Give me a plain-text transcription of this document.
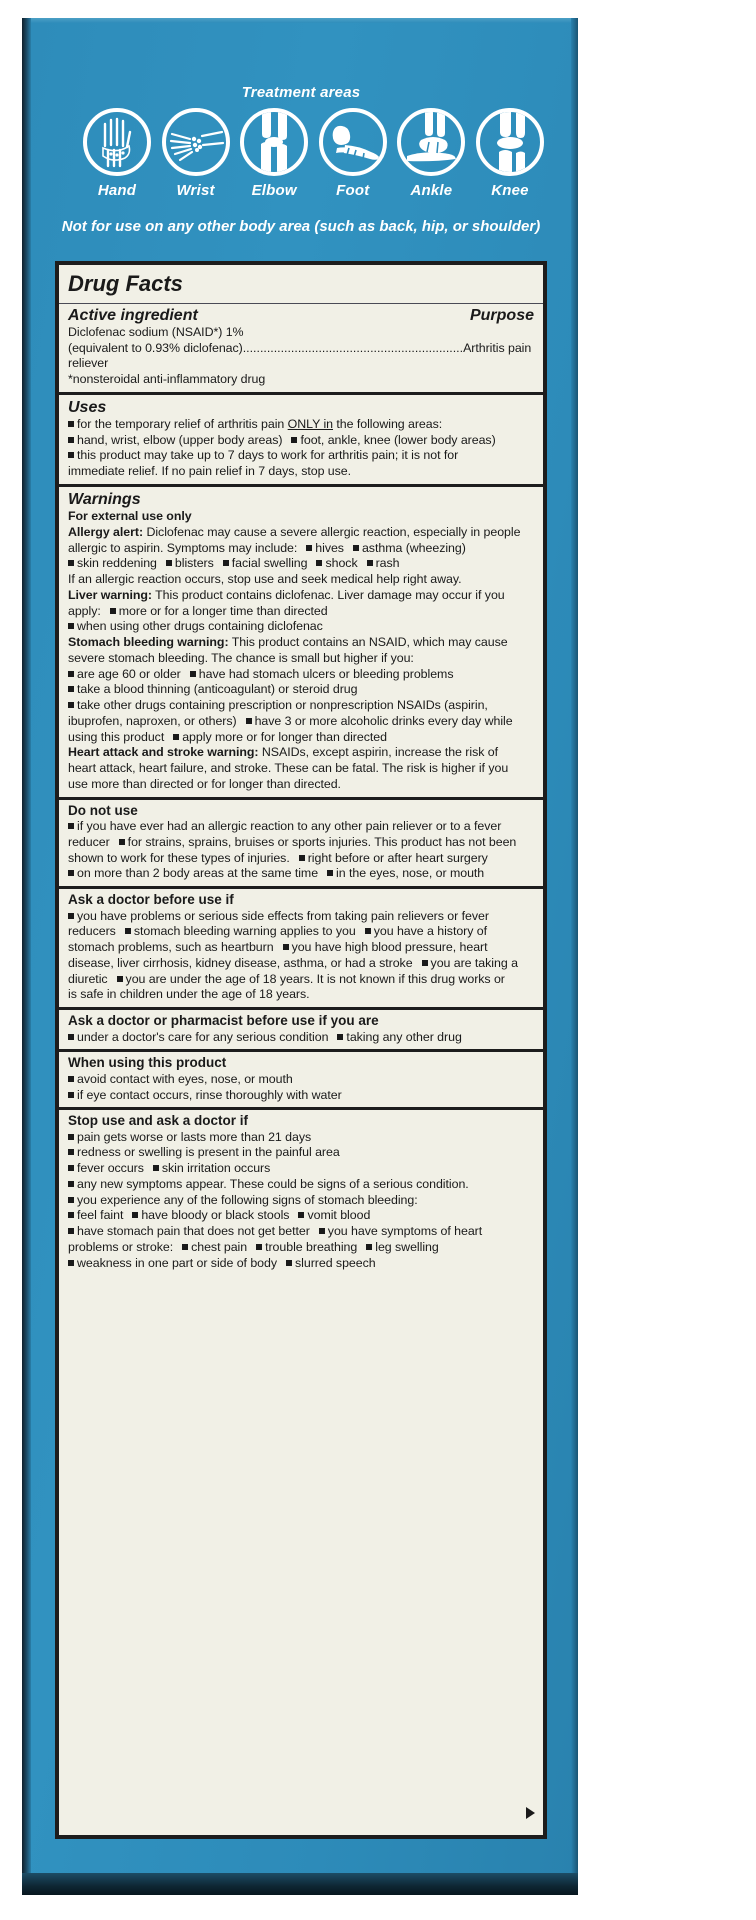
Treatment areas
Hand	Wrist	Elbow	Foot	Ankle	Knee
Not for use on any other body area (such as back, hip, or shoulder)
Drug Facts
Active ingredient	Purpose

Diclofenac sodium (NSAID*) 1%

(equivalent to 0.93% diclofenac)................................................................Arthritis pain reliever

*nonsteroidal anti-inflammatory drug

Uses

for the temporary relief of arthritis pain ONLY in the following areas:

hand, wrist, elbow (upper body areas) foot, ankle, knee (lower body areas)

this product may take up to 7 days to work for arthritis pain; it is not for

immediate relief. If no pain relief in 7 days, stop use.

Warnings

For external use only

Allergy alert: Diclofenac may cause a severe allergic reaction, especially in people

allergic to aspirin. Symptoms may include: hives asthma (wheezing)

skin reddening blisters facial swelling shock rash

If an allergic reaction occurs, stop use and seek medical help right away.

Liver warning: This product contains diclofenac. Liver damage may occur if you

apply: more or for a longer time than directed

when using other drugs containing diclofenac

Stomach bleeding warning: This product contains an NSAID, which may cause

severe stomach bleeding. The chance is small but higher if you:

are age 60 or older have had stomach ulcers or bleeding problems

take a blood thinning (anticoagulant) or steroid drug

take other drugs containing prescription or nonprescription NSAIDs (aspirin,

ibuprofen, naproxen, or others) have 3 or more alcoholic drinks every day while

using this product apply more or for longer than directed

Heart attack and stroke warning: NSAIDs, except aspirin, increase the risk of

heart attack, heart failure, and stroke. These can be fatal. The risk is higher if you

use more than directed or for longer than directed.

Do not use

if you have ever had an allergic reaction to any other pain reliever or to a fever

reducer for strains, sprains, bruises or sports injuries. This product has not been

shown to work for these types of injuries. right before or after heart surgery

on more than 2 body areas at the same time in the eyes, nose, or mouth

Ask a doctor before use if

you have problems or serious side effects from taking pain relievers or fever

reducers stomach bleeding warning applies to you you have a history of

stomach problems, such as heartburn you have high blood pressure, heart

disease, liver cirrhosis, kidney disease, asthma, or had a stroke you are taking a

diuretic you are under the age of 18 years. It is not known if this drug works or

is safe in children under the age of 18 years.

Ask a doctor or pharmacist before use if you are

under a doctor's care for any serious condition taking any other drug

When using this product

avoid contact with eyes, nose, or mouth

if eye contact occurs, rinse thoroughly with water

Stop use and ask a doctor if

pain gets worse or lasts more than 21 days

redness or swelling is present in the painful area

fever occurs skin irritation occurs

any new symptoms appear. These could be signs of a serious condition.

you experience any of the following signs of stomach bleeding:

feel faint have bloody or black stools vomit blood

have stomach pain that does not get better you have symptoms of heart

problems or stroke: chest pain trouble breathing leg swelling

weakness in one part or side of body slurred speech
